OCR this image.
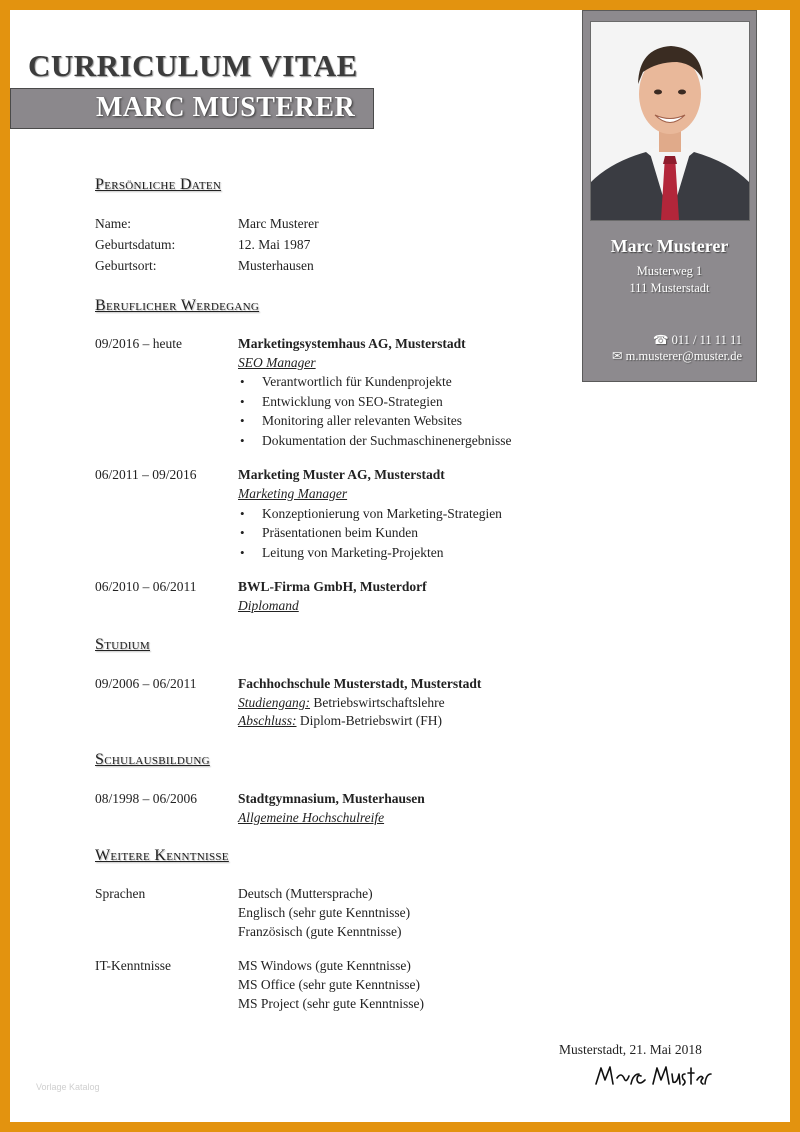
CURRICULUM VITAE
MARC MUSTERER
Marc Musterer
Musterweg 1
111 Musterstadt
☎ 011 / 11 11 11
✉ m.musterer@muster.de
Persönliche Daten
Name:	Marc Musterer
Geburtsdatum:	12. Mai 1987
Geburtsort:	Musterhausen
Beruflicher Werdegang
09/2016 – heute	Marketingsystemhaus AG, Musterstadt
SEO Manager
• Verantwortlich für Kundenprojekte
• Entwicklung von SEO-Strategien
• Monitoring aller relevanten Websites
• Dokumentation der Suchmaschinenergebnisse
06/2011 – 09/2016	Marketing Muster AG, Musterstadt
Marketing Manager
• Konzeptionierung von Marketing-Strategien
• Präsentationen beim Kunden
• Leitung von Marketing-Projekten
06/2010 – 06/2011	BWL-Firma GmbH, Musterdorf
Diplomand
Studium
09/2006 – 06/2011	Fachhochschule Musterstadt, Musterstadt
Studiengang: Betriebswirtschaftslehre
Abschluss: Diplom-Betriebswirt (FH)
Schulausbildung
08/1998 – 06/2006	Stadtgymnasium, Musterhausen
Allgemeine Hochschulreife
Weitere Kenntnisse
Sprachen	Deutsch (Muttersprache)
Englisch (sehr gute Kenntnisse)
Französisch (gute Kenntnisse)
IT-Kenntnisse	MS Windows (gute Kenntnisse)
MS Office (sehr gute Kenntnisse)
MS Project (sehr gute Kenntnisse)
Musterstadt, 21. Mai 2018
Vorlage Katalog
